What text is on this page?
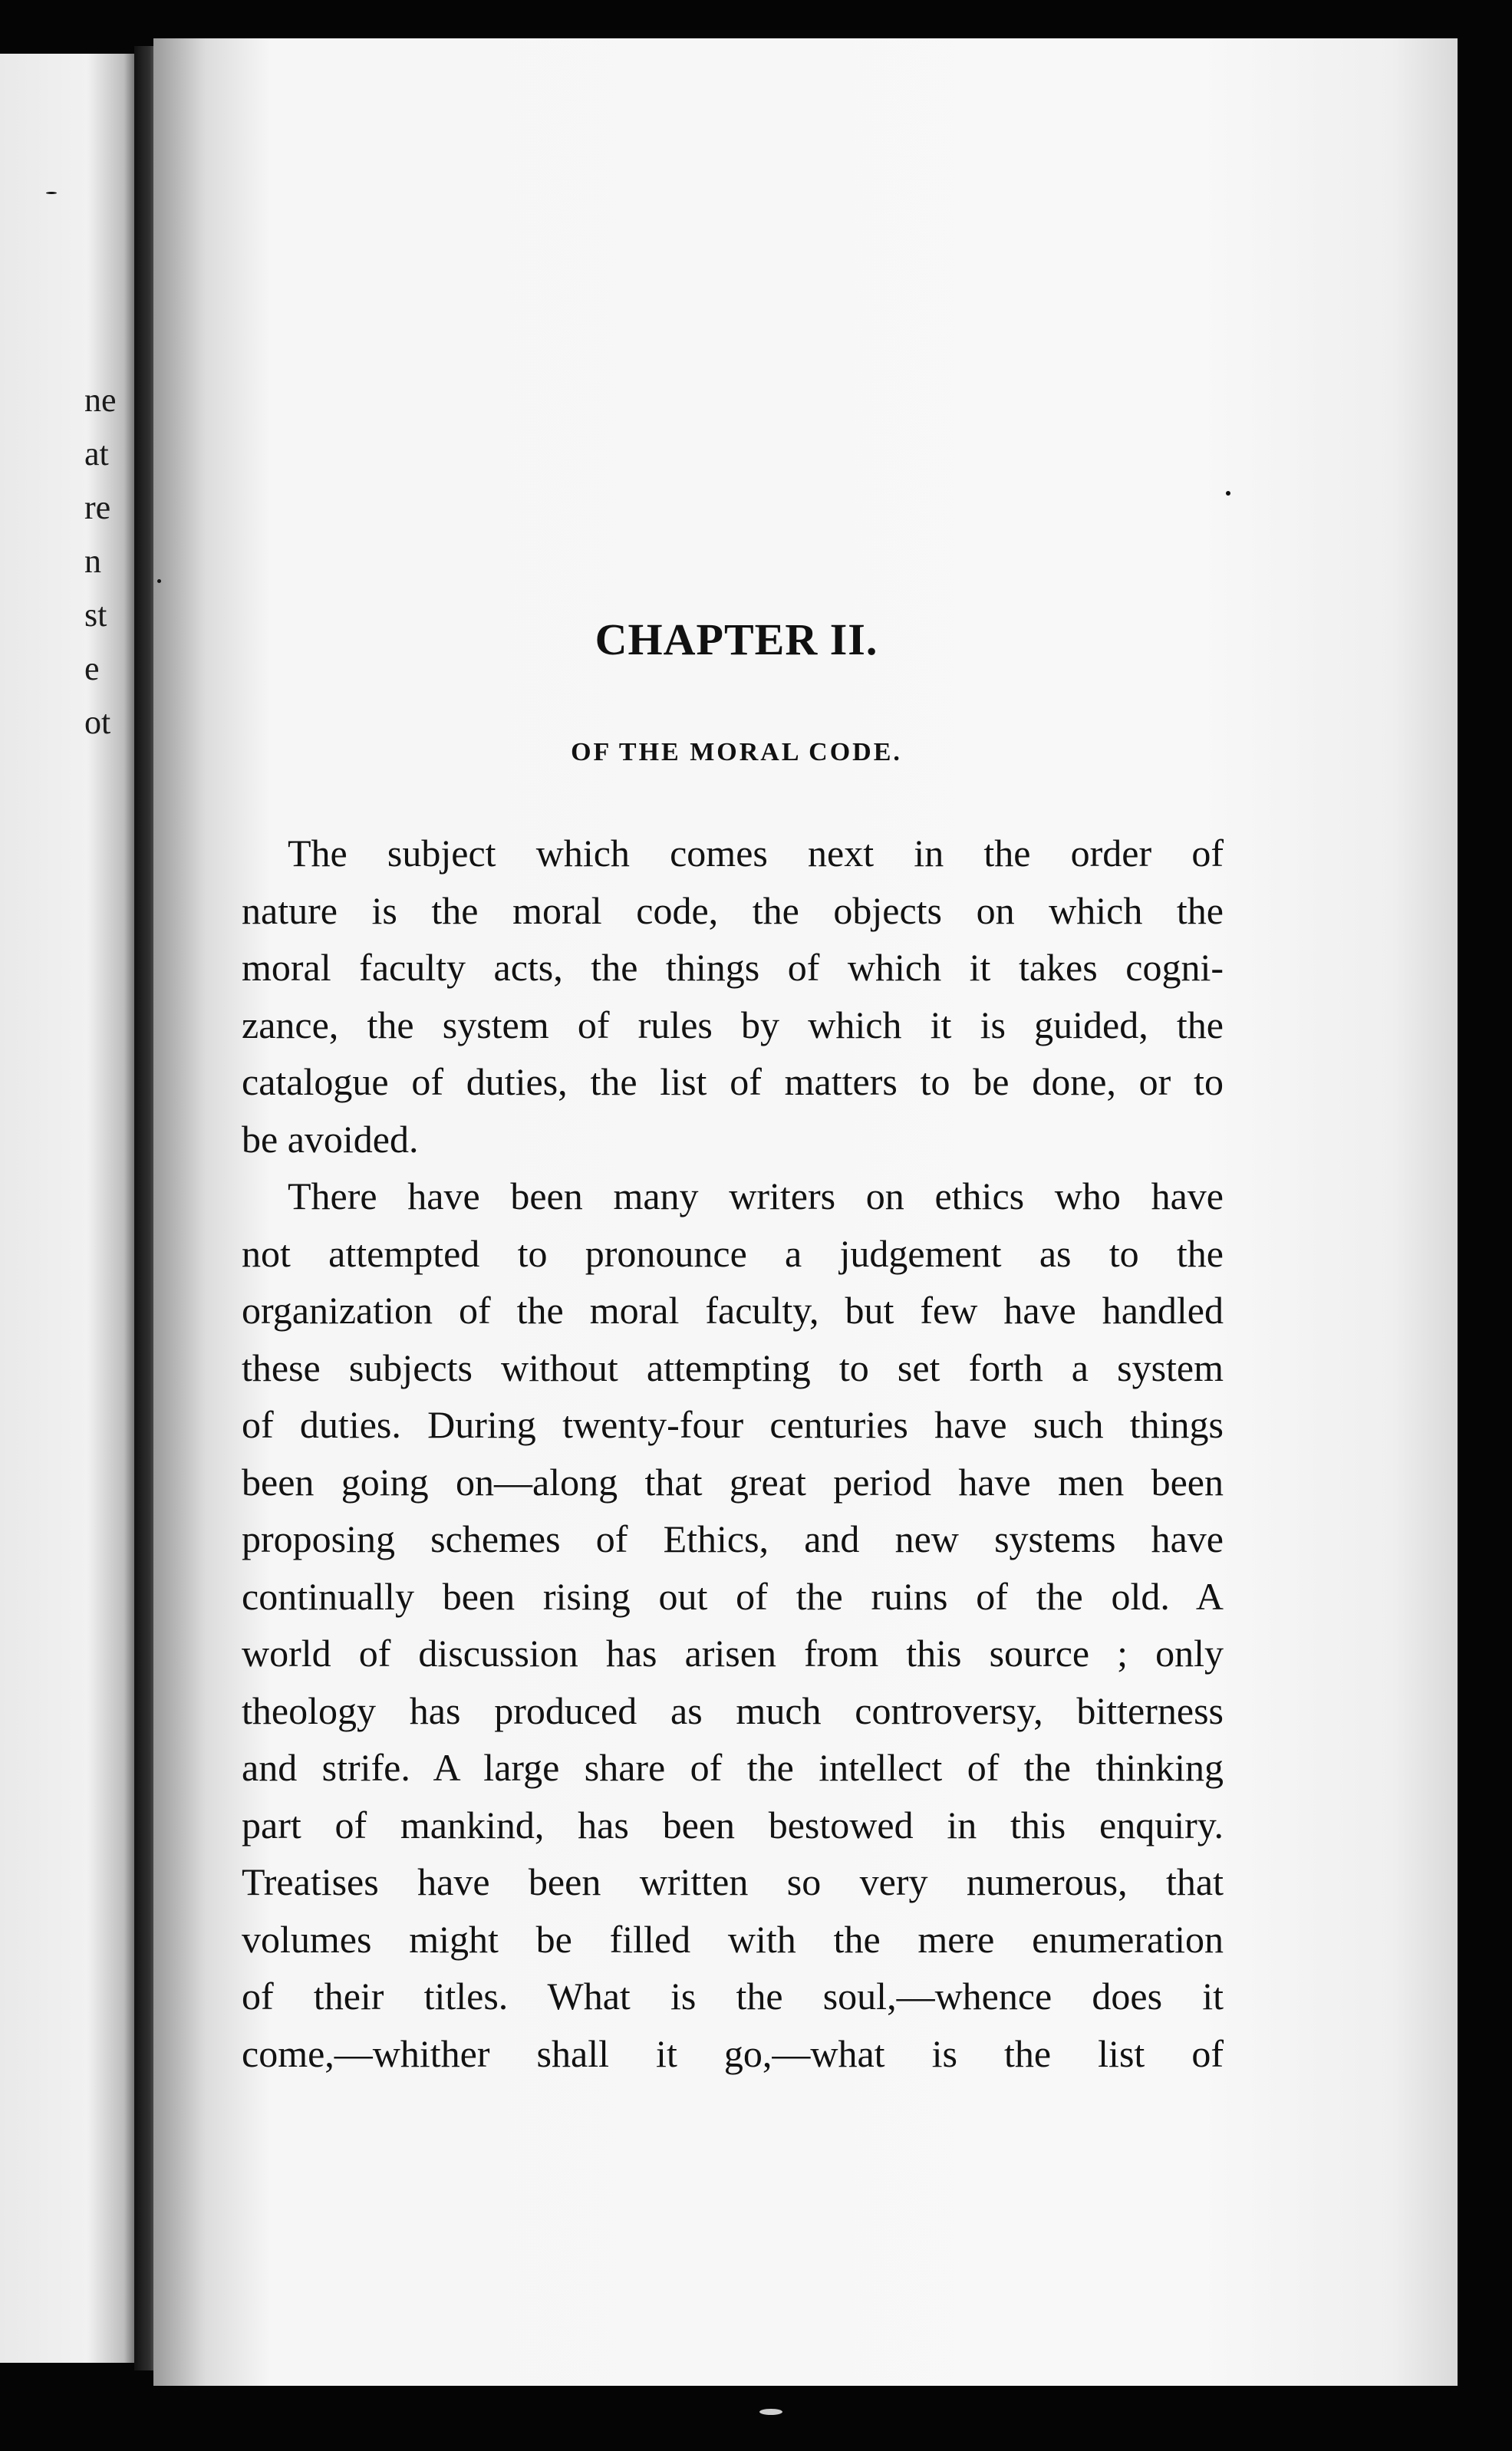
ne
at
re
n
st
e
ot
CHAPTER II.
OF THE MORAL CODE.
The subject which comes next in the order of
nature is the moral code, the objects on which the
moral faculty acts, the things of which it takes cogni-
zance, the system of rules by which it is guided, the
catalogue of duties, the list of matters to be done, or to
be avoided.
There have been many writers on ethics who have
not attempted to pronounce a judgement as to the
organization of the moral faculty, but few have handled
these subjects without attempting to set forth a system
of duties. During twenty-four centuries have such things
been going on—along that great period have men been
proposing schemes of Ethics, and new systems have
continually been rising out of the ruins of the old. A
world of discussion has arisen from this source ; only
theology has produced as much controversy, bitterness
and strife. A large share of the intellect of the thinking
part of mankind, has been bestowed in this enquiry.
Treatises have been written so very numerous, that
volumes might be filled with the mere enumeration
of their titles. What is the soul,—whence does it
come,—whither shall it go,—what is the list of
